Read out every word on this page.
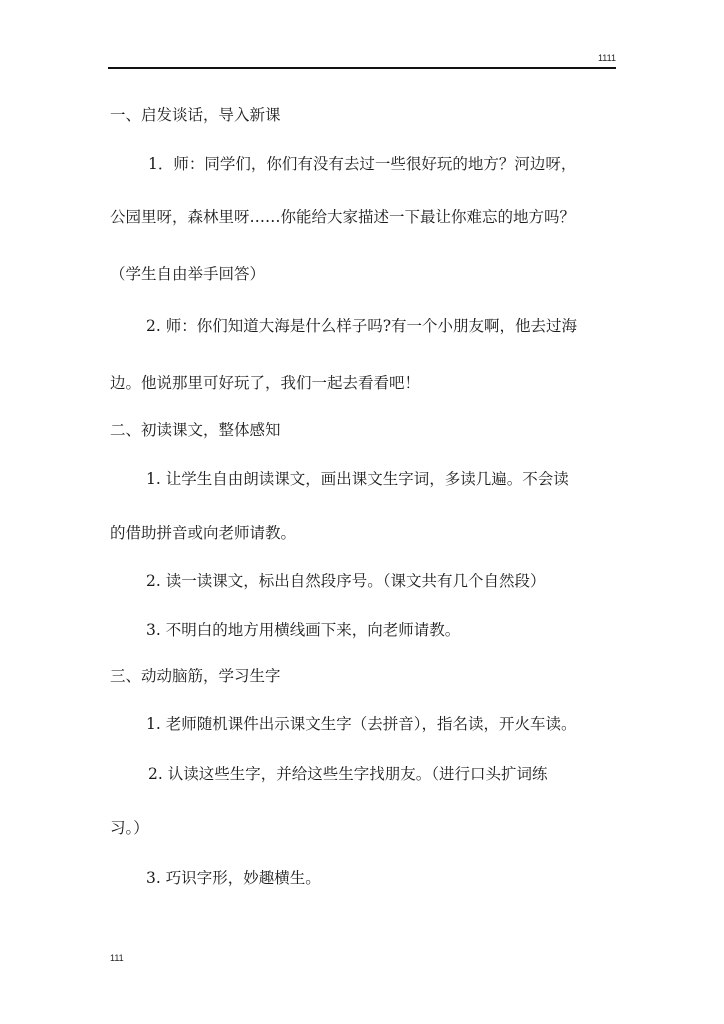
1111
一、启发谈话，导入新课
1．师：同学们，你们有没有去过一些很好玩的地方？河边呀，
公园里呀，森林里呀……你能给大家描述一下最让你难忘的地方吗？
（学生自由举手回答）
2. 师：你们知道大海是什么样子吗?有一个小朋友啊，他去过海
边。他说那里可好玩了，我们一起去看看吧！
二、初读课文，整体感知
1. 让学生自由朗读课文，画出课文生字词，多读几遍。不会读
的借助拼音或向老师请教。
2. 读一读课文，标出自然段序号。（课文共有几个自然段）
3. 不明白的地方用横线画下来，向老师请教。
三、动动脑筋，学习生字
1. 老师随机课件出示课文生字（去拼音），指名读，开火车读。
2. 认读这些生字，并给这些生字找朋友。（进行口头扩词练
习。）
3. 巧识字形，妙趣横生。
111
